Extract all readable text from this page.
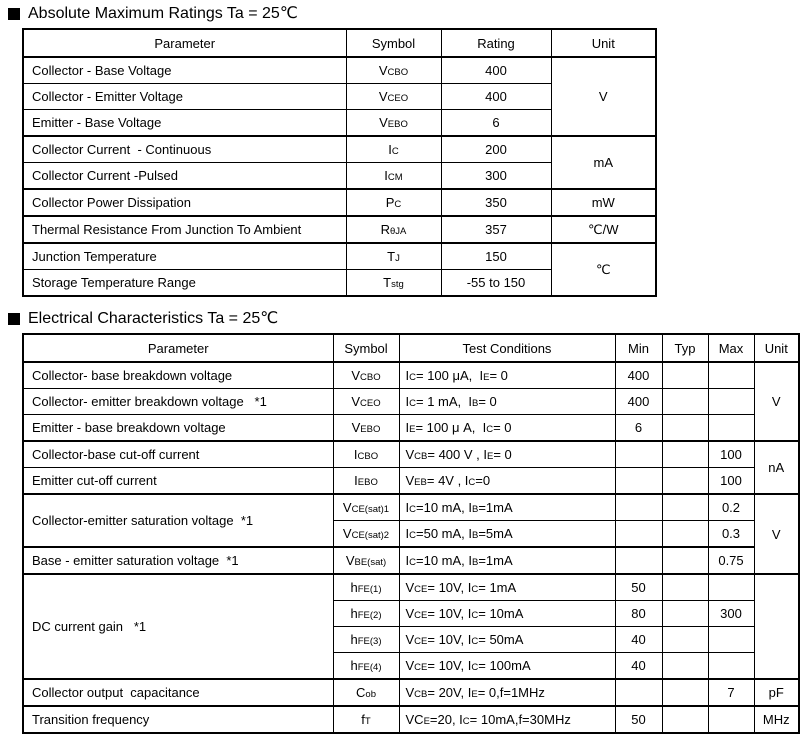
Absolute Maximum Ratings Ta = 25℃
Parameter	Symbol	Rating	Unit
Collector - Base Voltage	VCBO	400	V
Collector - Emitter Voltage	VCEO	400	
Emitter - Base Voltage	VEBO	6	
Collector Current  - Continuous	IC	200	mA
Collector Current -Pulsed	ICM	300	
Collector Power Dissipation	PC	350	mW
Thermal Resistance From Junction To Ambient	RθJA	357	℃/W
Junction Temperature	TJ	150	℃
Storage Temperature Range	Tstg	-55 to 150	
Electrical Characteristics Ta = 25℃
Parameter	Symbol	Test Conditions	Min	Typ	Max	Unit
Collector- base breakdown voltage	VCBO	IC= 100 μA,  IE= 0	400			V
Collector- emitter breakdown voltage   *1	VCEO	IC= 1 mA,  IB= 0	400			
Emitter - base breakdown voltage	VEBO	IE= 100 μ A,  IC= 0	6			
Collector-base cut-off current	ICBO	VCB= 400 V , IE= 0			100	nA
Emitter cut-off current	IEBO	VEB= 4V , IC=0			100	
Collector-emitter saturation voltage  *1	VCE(sat)1	IC=10 mA, IB=1mA			0.2	V
	VCE(sat)2	IC=50 mA, IB=5mA			0.3	
Base - emitter saturation voltage  *1	VBE(sat)	IC=10 mA, IB=1mA			0.75	
DC current gain   *1	hFE(1)	VCE= 10V, IC= 1mA	50			
	hFE(2)	VCE= 10V, IC= 10mA	80		300	
	hFE(3)	VCE= 10V, IC= 50mA	40			
	hFE(4)	VCE= 10V, IC= 100mA	40			
Collector output  capacitance	Cob	VCB= 20V, IE= 0,f=1MHz			7	pF
Transition frequency	fT	VCE=20, IC= 10mA,f=30MHz	50			MHz
